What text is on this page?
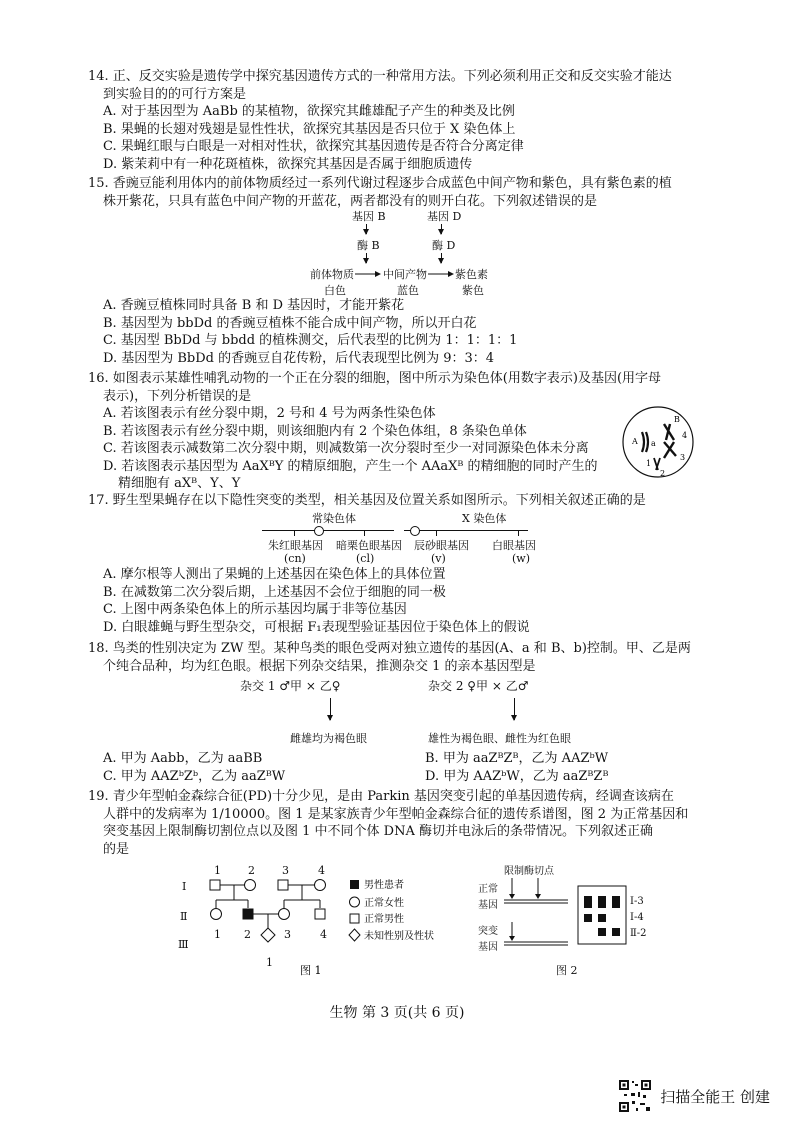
14. 正、反交实验是遗传学中探究基因遗传方式的一种常用方法。下列必须利用正交和反交实验才能达

到实验目的的可行方案是

A. 对于基因型为 AaBb 的某植物，欲探究其雌雄配子产生的种类及比例

B. 果蝇的长翅对残翅是显性性状，欲探究其基因是否只位于 X 染色体上

C. 果蝇红眼与白眼是一对相对性状，欲探究其基因遗传是否符合分离定律

D. 紫茉莉中有一种花斑植株，欲探究其基因是否属于细胞质遗传

15. 香豌豆能利用体内的前体物质经过一系列代谢过程逐步合成蓝色中间产物和紫色，具有紫色素的植

株开紫花，只具有蓝色中间产物的开蓝花，两者都没有的则开白花。下列叙述错误的是

基因 B	基因 D
酶 B	酶 D
前体物质	中间产物	紫色素
白色	蓝色	紫色

A. 香豌豆植株同时具备 B 和 D 基因时，才能开紫花

B. 基因型为 bbDd 的香豌豆植株不能合成中间产物，所以开白花

C. 基因型 BbDd 与 bbdd 的植株测交，后代表型的比例为 1：1：1：1

D. 基因型为 BbDd 的香豌豆自花传粉，后代表现型比例为 9：3：4

16. 如图表示某雄性哺乳动物的一个正在分裂的细胞，图中所示为染色体(用数字表示)及基因(用字母

表示)，下列分析错误的是

A. 若该图表示有丝分裂中期，2 号和 4 号为两条性染色体

B. 若该图表示有丝分裂中期，则该细胞内有 2 个染色体组，8 条染色单体

C. 若该图表示减数第二次分裂中期，则减数第一次分裂时至少一对同源染色体未分离

D. 若该图表示基因型为 AaXᴮY 的精原细胞，产生一个 AAaXᴮ 的精细胞的同时产生的

精细胞有 aXᴮ、Y、Y

A a
B
4
1
2
3

17. 野生型果蝇存在以下隐性突变的类型，相关基因及位置关系如图所示。下列相关叙述正确的是

常染色体	X 染色体
朱红眼基因 暗栗色眼基因 辰砂眼基因 白眼基因
(cn)	(cl)	(v)	(w)

A. 摩尔根等人测出了果蝇的上述基因在染色体上的具体位置

B. 在减数第二次分裂后期，上述基因不会位于细胞的同一极

C. 上图中两条染色体上的所示基因均属于非等位基因

D. 白眼雄蝇与野生型杂交，可根据 F₁表现型验证基因位于染色体上的假说

18. 鸟类的性别决定为 ZW 型。某种鸟类的眼色受两对独立遗传的基因(A、a 和 B、b)控制。甲、乙是两

个纯合品种，均为红色眼。根据下列杂交结果，推测杂交 1 的亲本基因型是

杂交 1 ♂甲 × 乙♀	杂交 2 ♀甲 × 乙♂
雌雄均为褐色眼	雄性为褐色眼、雌性为红色眼

A. 甲为 Aabb，乙为 aaBB

C. 甲为 AAZᵇZᵇ，乙为 aaZᴮW

B. 甲为 aaZᴮZᴮ，乙为 AAZᵇW

D. 甲为 AAZᵇW，乙为 aaZᴮZᴮ

19. 青少年型帕金森综合征(PD)十分少见，是由 Parkin 基因突变引起的单基因遗传病，经调查该病在

人群中的发病率为 1/10000。图 1 是某家族青少年型帕金森综合征的遗传系谱图，图 2 为正常基因和

突变基因上限制酶切割位点以及图 1 中不同个体 DNA 酶切并电泳后的条带情况。下列叙述正确

的是

Ⅰ
Ⅱ
Ⅲ
1 2 3	4
1 2	3	4
1
图 1
男性患者
正常女性
正常男性
未知性别及性状
限制酶切点
正常
基因
突变
基因
Ⅰ-3
Ⅰ-4
Ⅱ-2
图 2
生物 第 3 页(共 6 页)
扫描全能王 创建
